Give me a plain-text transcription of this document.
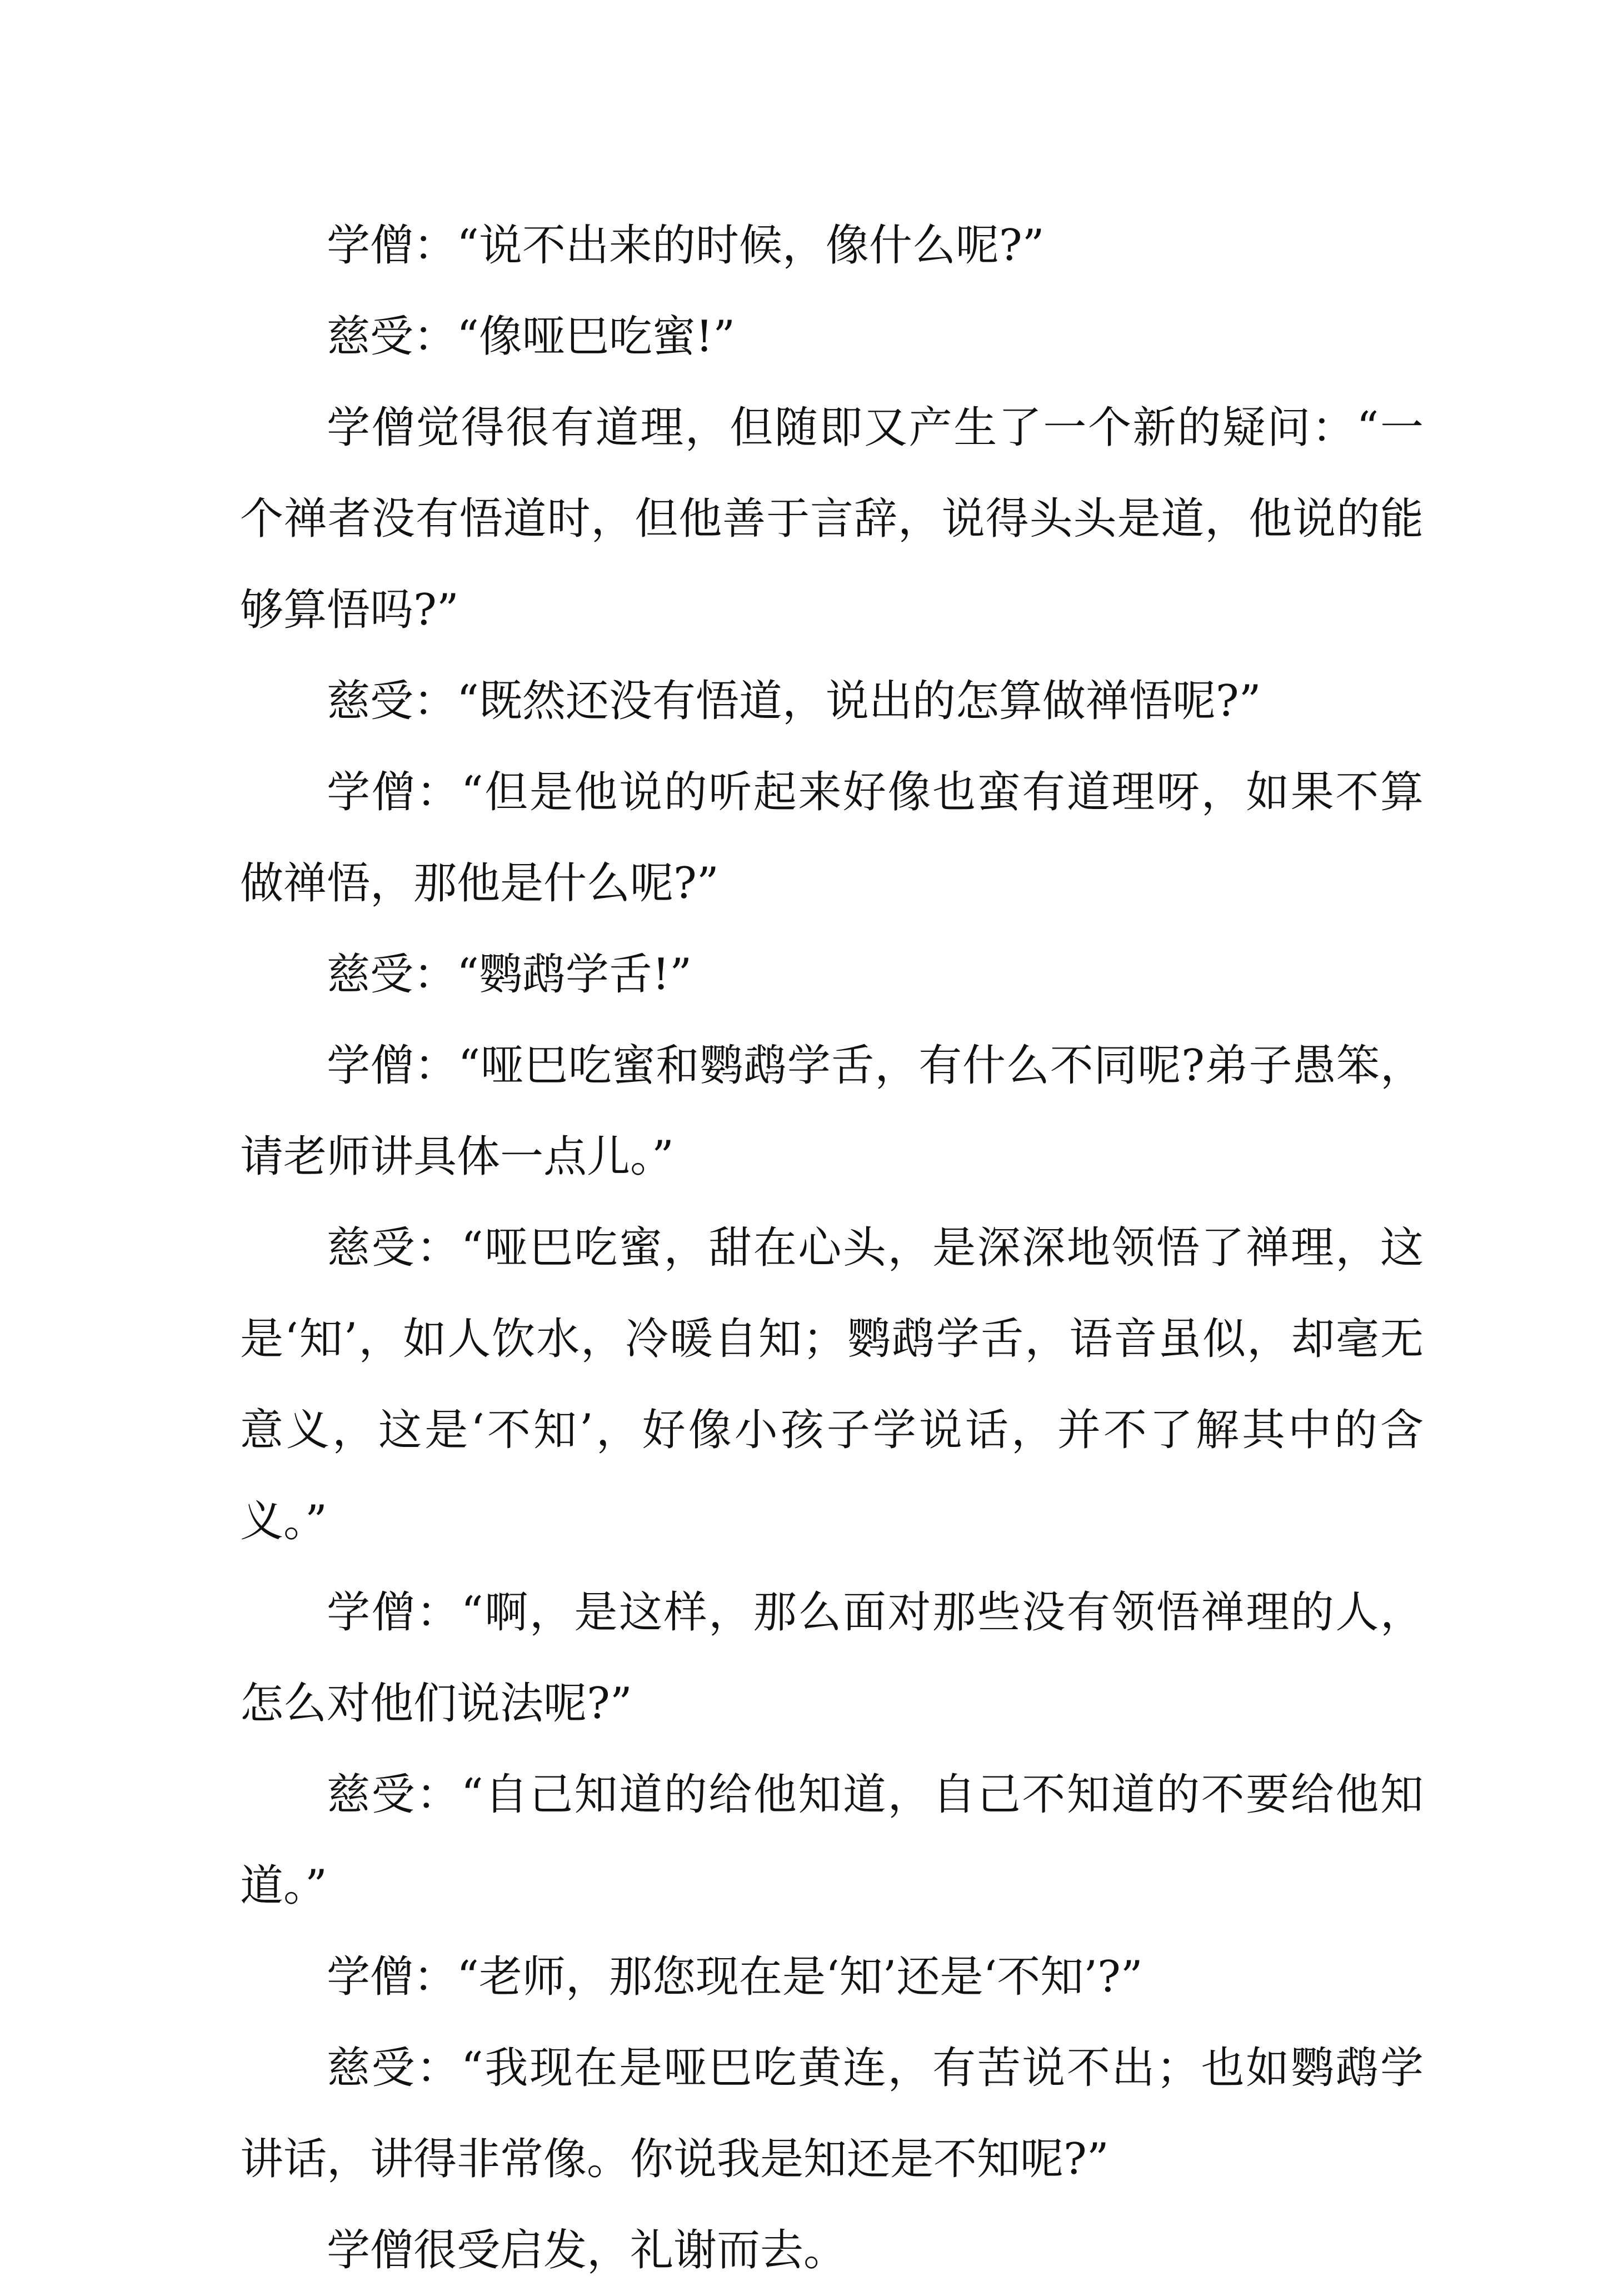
学僧：“说不出来的时候，像什么呢?”

慈受：“像哑巴吃蜜!”

学僧觉得很有道理，但随即又产生了一个新的疑问：“一个禅者没有悟道时，但他善于言辞，说得头头是道，他说的能够算悟吗?”

慈受：“既然还没有悟道，说出的怎算做禅悟呢?”

学僧：“但是他说的听起来好像也蛮有道理呀，如果不算做禅悟，那他是什么呢?”

慈受：“鹦鹉学舌!”

学僧：“哑巴吃蜜和鹦鹉学舌，有什么不同呢?弟子愚笨，请老师讲具体一点儿。”

慈受：“哑巴吃蜜，甜在心头，是深深地领悟了禅理，这是‘知’，如人饮水，冷暖自知；鹦鹉学舌，语音虽似，却毫无意义，这是‘不知’，好像小孩子学说话，并不了解其中的含义。”

学僧：“啊，是这样，那么面对那些没有领悟禅理的人，怎么对他们说法呢?”

慈受：“自己知道的给他知道，自己不知道的不要给他知道。”

学僧：“老师，那您现在是‘知’还是‘不知’?”

慈受：“我现在是哑巴吃黄连，有苦说不出；也如鹦鹉学讲话，讲得非常像。你说我是知还是不知呢?”

学僧很受启发，礼谢而去。
